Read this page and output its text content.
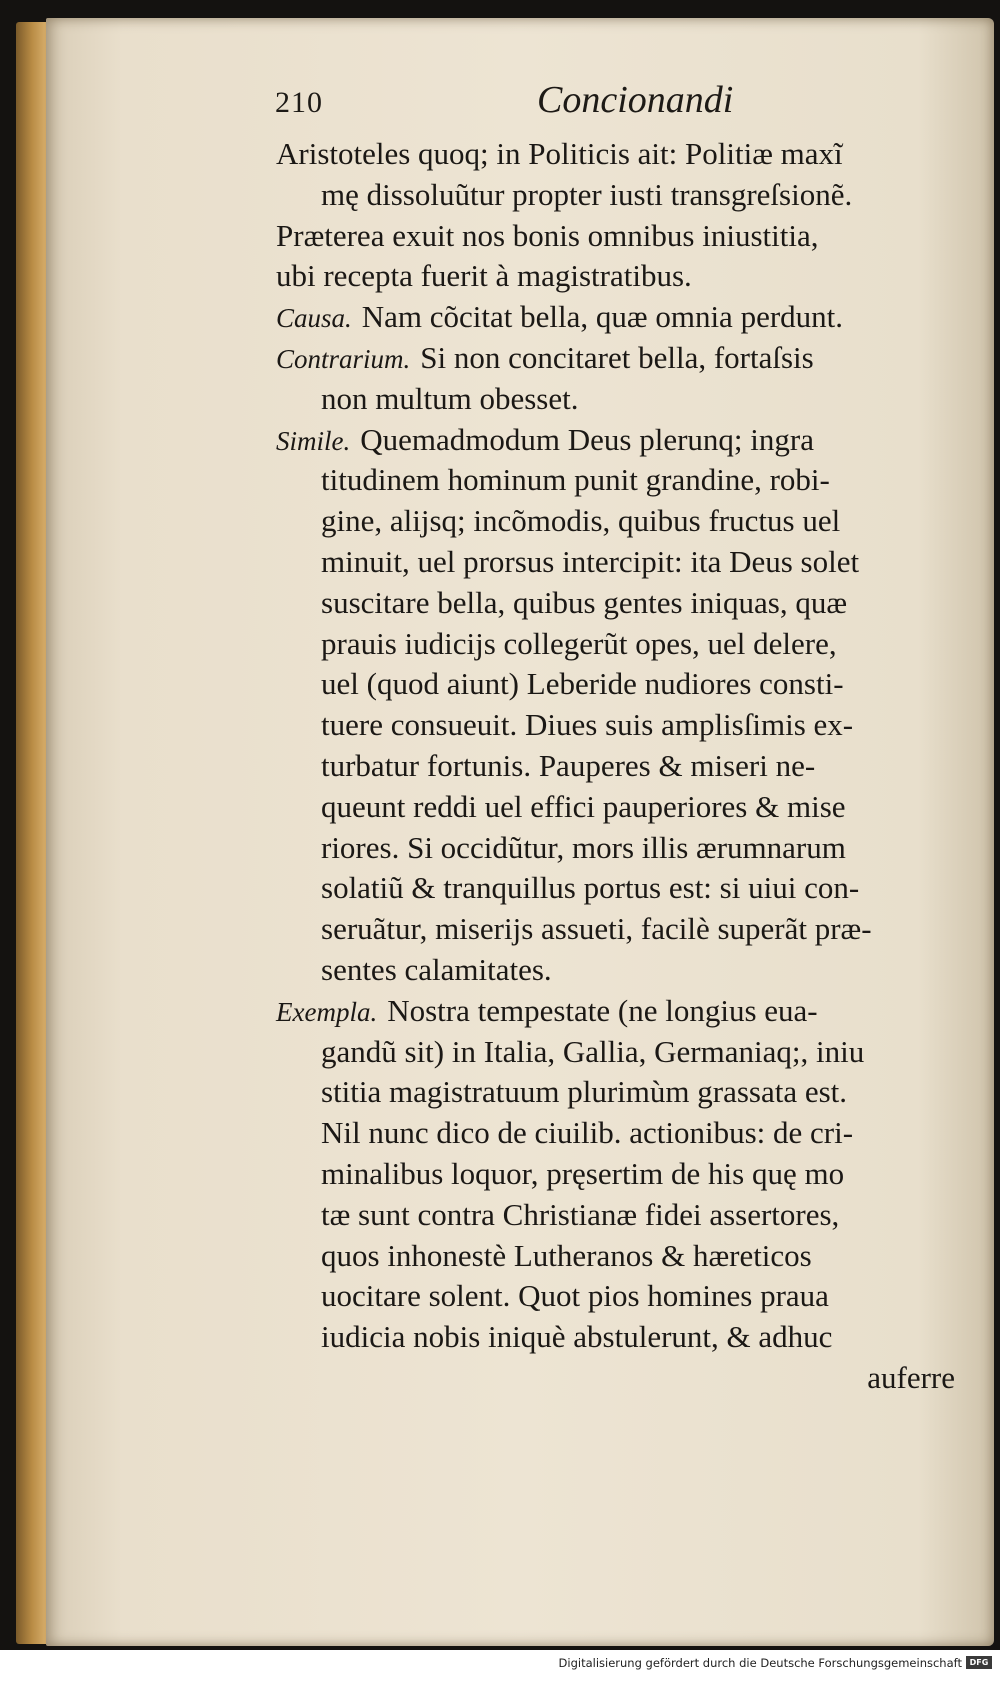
210	Concionandi
Aristoteles quoq; in Politicis ait: Politiæ maxĩ
mę dissoluũtur propter iusti transgreſsionẽ.
Præterea exuit nos bonis omnibus iniustitia,
ubi recepta fuerit à magistratibus.
Causa. Nam cõcitat bella, quæ omnia perdunt.
Contrarium. Si non concitaret bella, fortaſsis
non multum obesset.
Simile. Quemadmodum Deus plerunq; ingra
titudinem hominum punit grandine, robi-
gine, alijsq; incõmodis, quibus fructus uel
minuit, uel prorsus intercipit: ita Deus solet
suscitare bella, quibus gentes iniquas, quæ
prauis iudicijs collegerũt opes, uel delere,
uel (quod aiunt) Leberide nudiores consti-
tuere consueuit. Diues suis amplisſimis ex-
turbatur fortunis. Pauperes & miseri ne-
queunt reddi uel effici pauperiores & mise
riores. Si occidũtur, mors illis ærumnarum
solatiũ & tranquillus portus est: si uiui con-
seruãtur, miserijs assueti, facilè superãt præ-
sentes calamitates.
Exempla. Nostra tempestate (ne longius eua-
gandũ sit) in Italia, Gallia, Germaniaq;, iniu
stitia magistratuum plurimùm grassata est.
Nil nunc dico de ciuilib. actionibus: de cri-
minalibus loquor, pręsertim de his quę mo
tæ sunt contra Christianæ fidei assertores,
quos inhonestè Lutheranos & hæreticos
uocitare solent. Quot pios homines praua
iudicia nobis iniquè abstulerunt, & adhuc
auferre
Digitalisierung gefördert durch die Deutsche Forschungsgemeinschaft DFG
